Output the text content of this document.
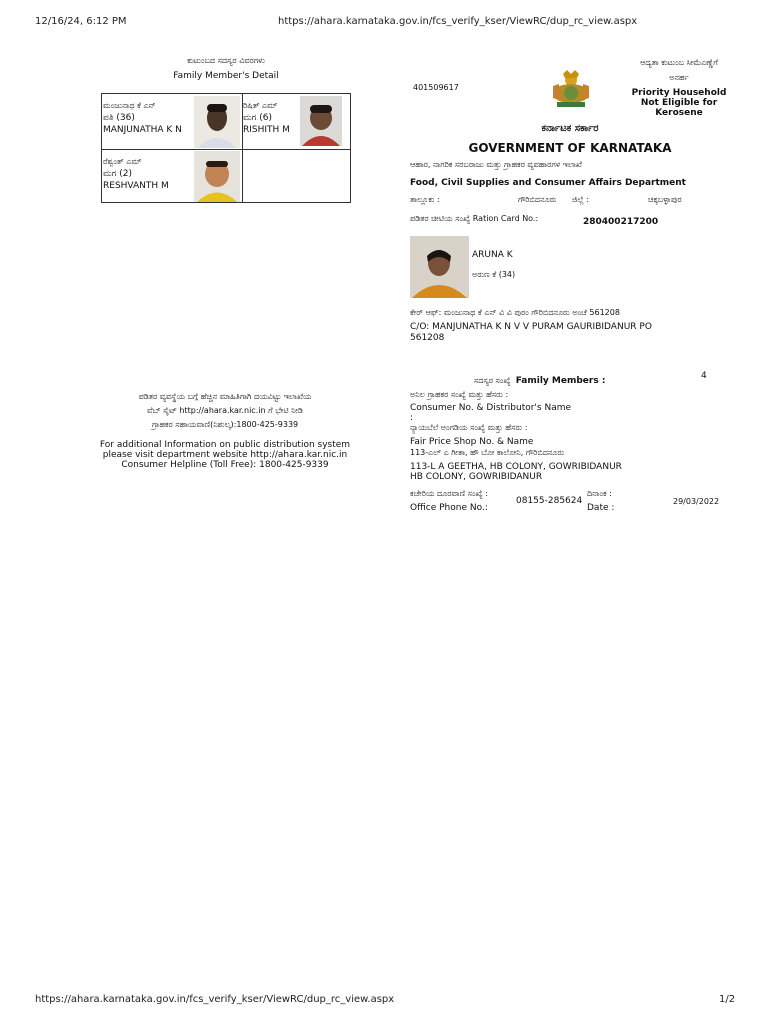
12/16/24, 6:12 PM	https://ahara.karnataka.gov.in/fcs_verify_kser/ViewRC/dup_rc_view.aspx
ಕುಟುಂಬದ ಸದಸ್ಯರ ವಿವರಗಳು
Family Member's Detail
ಮಂಜುನಾಥ ಕೆ ಎನ್
ಪತಿ (36)
MANJUNATHA K N
ರಿಷಿತ್ ಎಮ್
ಮಗ (6)
RISHITH M
ರೆಶ್ವಂತ್ ಎಮ್
ಮಗ (2)
RESHVANTH M
ಪಡಿತರ ವ್ಯವಸ್ಥೆಯ ಬಗ್ಗೆ ಹೆಚ್ಚಿನ ಮಾಹಿತಿಗಾಗಿ ದಯವಿಟ್ಟು ಇಲಾಖೆಯ
ವೆಬ್ ಸೈಟ್ http://ahara.kar.nic.in ಗೆ ಭೇಟಿ ನೀಡಿ
ಗ್ರಾಹಕರ ಸಹಾಯವಾಣಿ(ನಿಶುಲ್ಕ):1800-425-9339
For additional Information on public distribution system
please visit department website http://ahara.kar.nic.in
Consumer Helpline (Toll Free): 1800-425-9339
401509617
ಆದ್ಯತಾ ಕುಟುಂಬ ಸೀಮೆಎಣ್ಣೆಗೆ
ಅನರ್ಹ
Priority Household
Not Eligible for
Kerosene
ಕರ್ನಾಟಕ ಸರ್ಕಾರ
GOVERNMENT OF KARNATAKA
ಆಹಾರ, ನಾಗರಿಕ ಸರಬರಾಜು ಮತ್ತು ಗ್ರಾಹಕರ ವ್ಯವಹಾರಗಳ ಇಲಾಖೆ
Food, Civil Supplies and Consumer Affairs Department
ತಾಲ್ಲೂಕು :	ಗೌರಿಬಿದನೂರು ಜಿಲ್ಲೆ :	ಚಿಕ್ಕಬಳ್ಳಾಪುರ
ಪಡಿತರ ಚೀಟಿಯ ಸಂಖ್ಯೆ Ration Card No.:	280400217200
ARUNA K
ಅರುಣ ಕೆ (34)
ಕೇರ್ ಆಫ್: ಮಂಜುನಾಥ ಕೆ ಎನ್ ವಿ ವಿ ಪುರಂ ಗೌರಿಬಿದನೂರು ಅಂಚೆ 561208
C/O: MANJUNATHA K N V V PURAM GAURIBIDANUR PO
561208
ಸದಸ್ಯರ ಸಂಖ್ಯೆ Family Members :	4
ಅನಿಲ ಗ್ರಾಹಕರ ಸಂಖ್ಯೆ ಮತ್ತು ಹೆಸರು :
Consumer No. & Distributor's Name
:
ನ್ಯಾಯಬೆಲೆ ಅಂಗಡಿಯ ಸಂಖ್ಯೆ ಮತ್ತು ಹೆಸರು :
Fair Price Shop No. & Name
113-ಎಲ್ ಎ ಗೀತಾ, ಹೌ ಬೋ ಕಾಲೋನಿ, ಗೌರಿಬಿದನೂರು
113-L A GEETHA, HB COLONY, GOWRIBIDANUR
HB COLONY, GOWRIBIDANUR
ಕಚೇರಿಯ ದೂರವಾಣಿ ಸಂಖ್ಯೆ :
Office Phone No.:
08155-285624
ದಿನಾಂಕ :
Date :
29/03/2022
https://ahara.karnataka.gov.in/fcs_verify_kser/ViewRC/dup_rc_view.aspx	1/2
